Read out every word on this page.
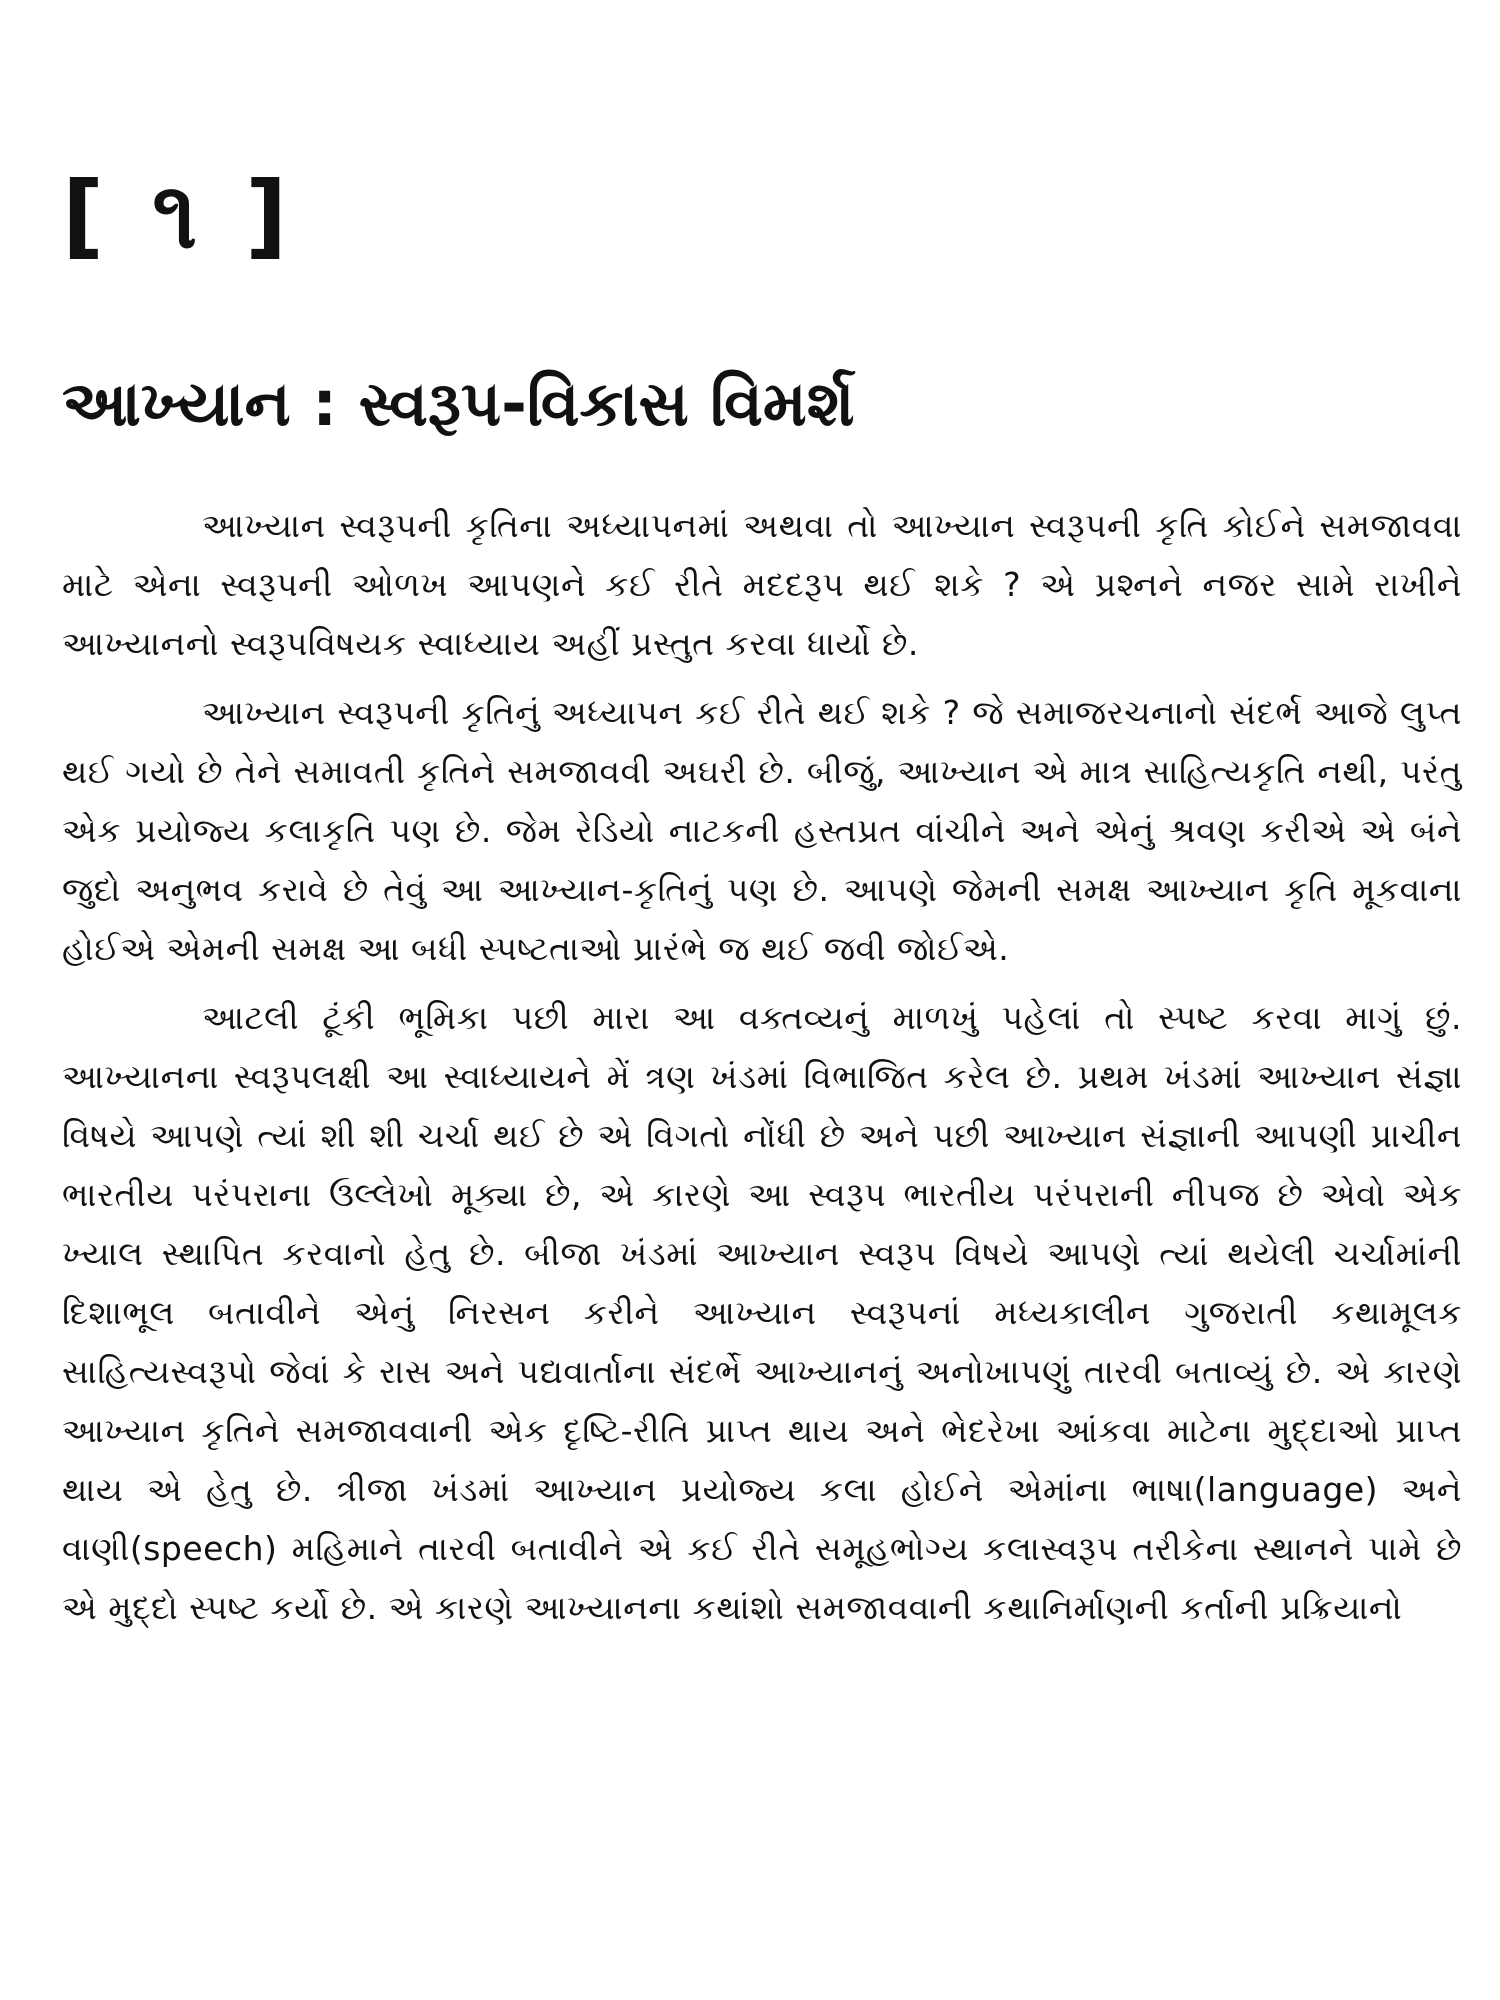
[ ૧ ]
આખ્યાન : સ્વરૂપ-વિકાસ વિમર્શ

આખ્યાન સ્વરૂપની કૃતિના અધ્યાપનમાં અથવા તો આખ્યાન સ્વરૂપની કૃતિ કોઈને સમજાવવા માટે એના સ્વરૂપની ઓળખ આપણને કઈ રીતે મદદરૂપ થઈ શકે ? એ પ્રશ્નને નજર સામે રાખીને આખ્યાનનો સ્વરૂપવિષયક સ્વાધ્યાય અહીં પ્રસ્તુત કરવા ધાર્યો છે.

આખ્યાન સ્વરૂપની કૃતિનું અધ્યાપન કઈ રીતે થઈ શકે ? જે સમાજરચનાનો સંદર્ભ આજે લુપ્ત થઈ ગયો છે તેને સમાવતી કૃતિને સમજાવવી અઘરી છે. બીજું, આખ્યાન એ માત્ર સાહિત્યકૃતિ નથી, પરંતુ એક પ્રયોજ્ય કલાકૃતિ પણ છે. જેમ રેડિયો નાટકની હસ્તપ્રત વાંચીને અને એનું શ્રવણ કરીએ એ બંને જુદો અનુભવ કરાવે છે તેવું આ આખ્યાન-કૃતિનું પણ છે. આપણે જેમની સમક્ષ આખ્યાન કૃતિ મૂકવાના હોઈએ એમની સમક્ષ આ બધી સ્પષ્ટતાઓ પ્રારંભે જ થઈ જવી જોઈએ.

આટલી ટૂંકી ભૂમિકા પછી મારા આ વક્તવ્યનું માળખું પહેલાં તો સ્પષ્ટ કરવા માગું છું. આખ્યાનના સ્વરૂપલક્ષી આ સ્વાધ્યાયને મેં ત્રણ ખંડમાં વિભાજિત કરેલ છે. પ્રથમ ખંડમાં આખ્યાન સંજ્ઞા વિષયે આપણે ત્યાં શી શી ચર્ચા થઈ છે એ વિગતો નોંધી છે અને પછી આખ્યાન સંજ્ઞાની આપણી પ્રાચીન ભારતીય પરંપરાના ઉલ્લેખો મૂક્યા છે, એ કારણે આ સ્વરૂપ ભારતીય પરંપરાની નીપજ છે એવો એક ખ્યાલ સ્થાપિત કરવાનો હેતુ છે. બીજા ખંડમાં આખ્યાન સ્વરૂપ વિષયે આપણે ત્યાં થયેલી ચર્ચામાંની દિશાભૂલ બતાવીને એનું નિરસન કરીને આખ્યાન સ્વરૂપનાં મધ્યકાલીન ગુજરાતી કથામૂલક સાહિત્યસ્વરૂપો જેવાં કે રાસ અને પદ્યવાર્તાના સંદર્ભે આખ્યાનનું અનોખાપણું તારવી બતાવ્યું છે. એ કારણે આખ્યાન કૃતિને સમજાવવાની એક દૃષ્ટિ-રીતિ પ્રાપ્ત થાય અને ભેદરેખા આંકવા માટેના મુદ્દાઓ પ્રાપ્ત થાય એ હેતુ છે. ત્રીજા ખંડમાં આખ્યાન પ્રયોજ્ય કલા હોઈને એમાંના ભાષા(language) અને વાણી(speech) મહિમાને તારવી બતાવીને એ કઈ રીતે સમૂહભોગ્ય કલાસ્વરૂપ તરીકેના સ્થાનને પામે છે એ મુદ્દો સ્પષ્ટ કર્યો છે. એ કારણે આખ્યાનના કથાંશો સમજાવવાની કથાનિર્માણની કર્તાની પ્રક્રિયાનો
